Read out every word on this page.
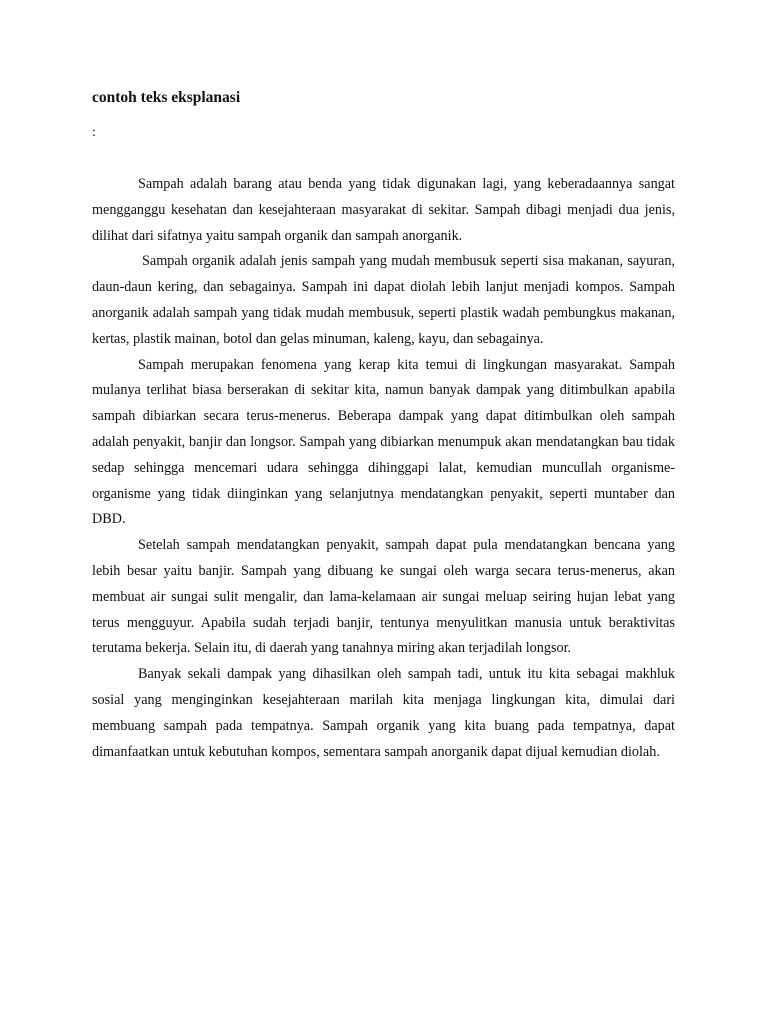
contoh teks eksplanasi

:

Sampah adalah barang atau benda yang tidak digunakan lagi, yang keberadaannya sangat mengganggu kesehatan dan kesejahteraan masyarakat di sekitar. Sampah dibagi menjadi dua jenis, dilihat dari sifatnya yaitu sampah organik dan sampah anorganik.

Sampah organik adalah jenis sampah yang mudah membusuk seperti sisa makanan, sayuran, daun-daun kering, dan sebagainya. Sampah ini dapat diolah lebih lanjut menjadi kompos. Sampah anorganik adalah sampah yang tidak mudah membusuk, seperti plastik wadah pembungkus makanan, kertas, plastik mainan, botol dan gelas minuman, kaleng, kayu, dan sebagainya.

Sampah merupakan fenomena yang kerap kita temui di lingkungan masyarakat. Sampah mulanya terlihat biasa berserakan di sekitar kita, namun banyak dampak yang ditimbulkan apabila sampah dibiarkan secara terus-menerus. Beberapa dampak yang dapat ditimbulkan oleh sampah adalah penyakit, banjir dan longsor. Sampah yang dibiarkan menumpuk akan mendatangkan bau tidak sedap sehingga mencemari udara sehingga dihinggapi lalat, kemudian muncullah organisme-organisme yang tidak diinginkan yang selanjutnya mendatangkan penyakit, seperti muntaber dan DBD.

Setelah sampah mendatangkan penyakit, sampah dapat pula mendatangkan bencana yang lebih besar yaitu banjir. Sampah yang dibuang ke sungai oleh warga secara terus-menerus, akan membuat air sungai sulit mengalir, dan lama-kelamaan air sungai meluap seiring hujan lebat yang terus mengguyur. Apabila sudah terjadi banjir, tentunya menyulitkan manusia untuk beraktivitas terutama bekerja. Selain itu, di daerah yang tanahnya miring akan terjadilah longsor.

Banyak sekali dampak yang dihasilkan oleh sampah tadi, untuk itu kita sebagai makhluk sosial yang menginginkan kesejahteraan marilah kita menjaga lingkungan kita, dimulai dari membuang sampah pada tempatnya. Sampah organik yang kita buang pada tempatnya, dapat dimanfaatkan untuk kebutuhan kompos, sementara sampah anorganik dapat dijual kemudian diolah.
